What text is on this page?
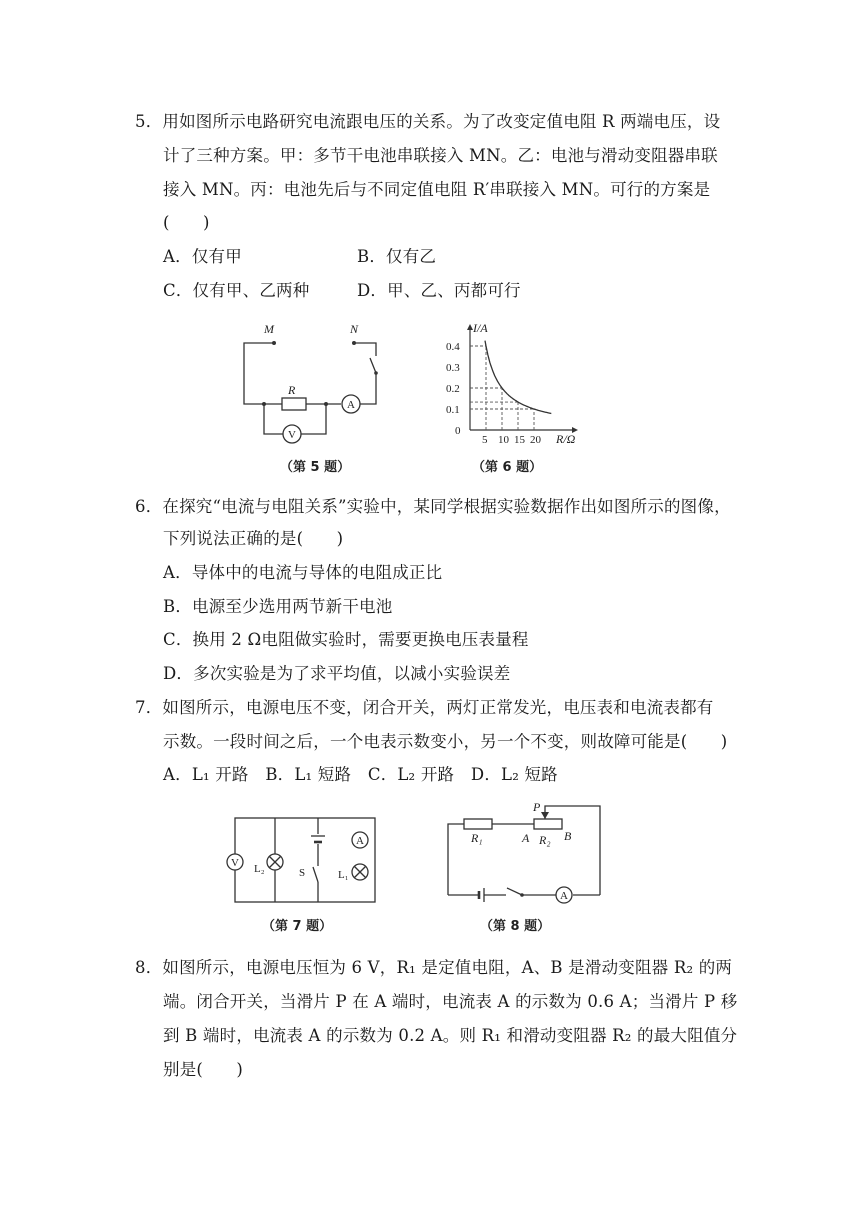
5．用如图所示电路研究电流跟电压的关系。为了改变定值电阻 R 两端电压，设
计了三种方案。甲：多节干电池串联接入 MN。乙：电池与滑动变阻器串联
接入 MN。丙：电池先后与不同定值电阻 R′串联接入 MN。可行的方案是
(　　)
A．仅有甲	B．仅有乙
C．仅有甲、乙两种	D．甲、乙、丙都可行
M	N
R
A
V
（第 5 题）
I/A
R/Ω
0
5 10 15 20
0.4
0.3
0.2
0.1
（第 6 题）
6．在探究“电流与电阻关系”实验中，某同学根据实验数据作出如图所示的图像，
下列说法正确的是(　　)
A．导体中的电流与导体的电阻成正比
B．电源至少选用两节新干电池
C．换用 2 Ω电阻做实验时，需要更换电压表量程
D．多次实验是为了求平均值，以减小实验误差
7．如图所示，电源电压不变，闭合开关，两灯正常发光，电压表和电流表都有
示数。一段时间之后，一个电表示数变小，另一个不变，则故障可能是(　　)
A．L₁ 开路　B．L₁ 短路　C．L₂ 开路　D．L₂ 短路
V L₂	S
A
L₁
（第 7 题）
R₁	A R₂ B
P
A
（第 8 题）
8．如图所示，电源电压恒为 6 V，R₁ 是定值电阻，A、B 是滑动变阻器 R₂ 的两
端。闭合开关，当滑片 P 在 A 端时，电流表 A 的示数为 0.6 A；当滑片 P 移
到 B 端时，电流表 A 的示数为 0.2 A。则 R₁ 和滑动变阻器 R₂ 的最大阻值分
别是(　　)
